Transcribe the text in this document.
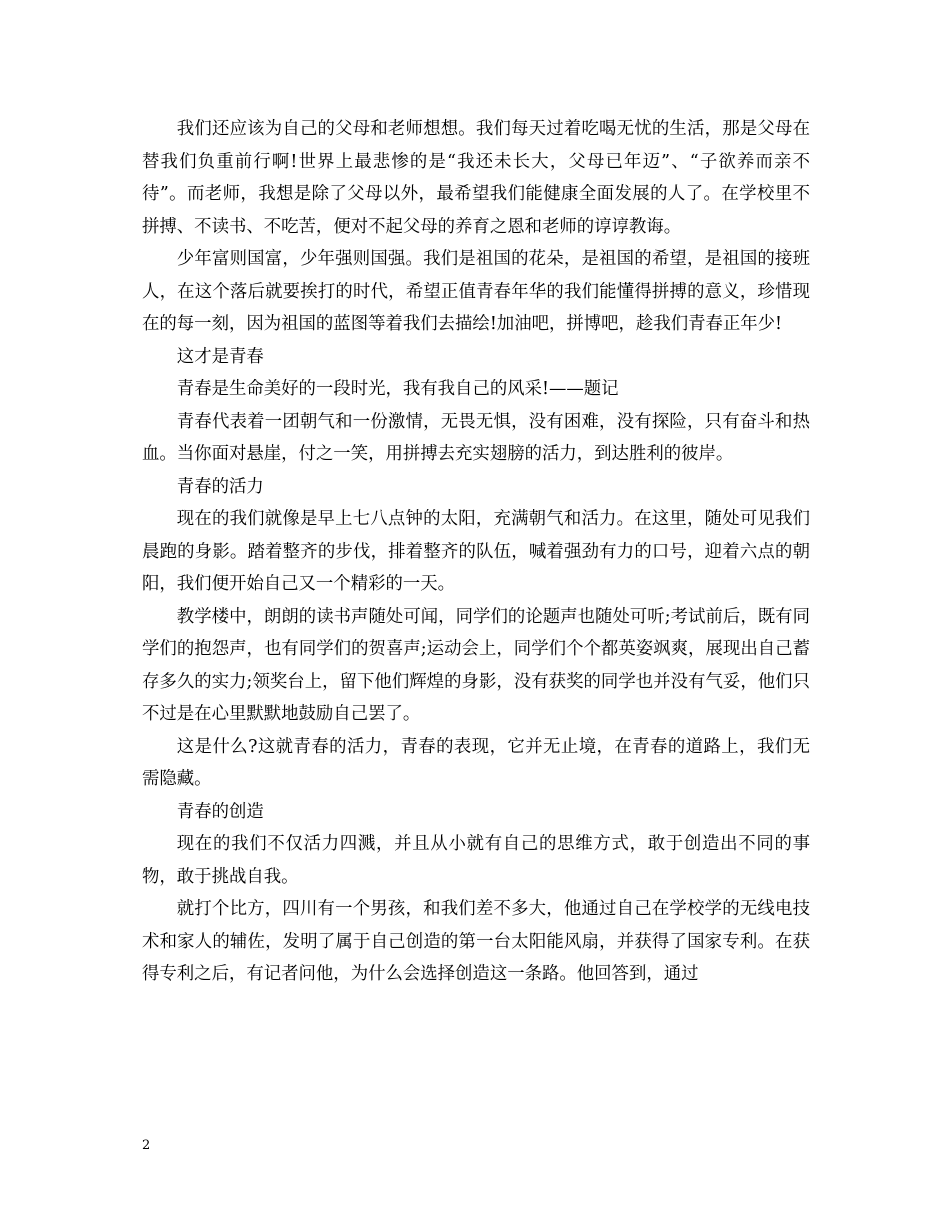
我们还应该为自己的父母和老师想想。我们每天过着吃喝无忧的生活，那是父母在替我们负重前行啊!世界上最悲惨的是“我还未长大，父母已年迈”、“子欲养而亲不待”。而老师，我想是除了父母以外，最希望我们能健康全面发展的人了。在学校里不拼搏、不读书、不吃苦，便对不起父母的养育之恩和老师的谆谆教诲。

少年富则国富，少年强则国强。我们是祖国的花朵，是祖国的希望，是祖国的接班人，在这个落后就要挨打的时代，希望正值青春年华的我们能懂得拼搏的意义，珍惜现在的每一刻，因为祖国的蓝图等着我们去描绘!加油吧，拼博吧，趁我们青春正年少!

这才是青春

青春是生命美好的一段时光，我有我自己的风采!——题记

青春代表着一团朝气和一份激情，无畏无惧，没有困难，没有探险，只有奋斗和热血。当你面对悬崖，付之一笑，用拼搏去充实翅膀的活力，到达胜利的彼岸。

青春的活力

现在的我们就像是早上七八点钟的太阳，充满朝气和活力。在这里，随处可见我们晨跑的身影。踏着整齐的步伐，排着整齐的队伍，喊着强劲有力的口号，迎着六点的朝阳，我们便开始自己又一个精彩的一天。

教学楼中，朗朗的读书声随处可闻，同学们的论题声也随处可听;考试前后，既有同学们的抱怨声，也有同学们的贺喜声;运动会上，同学们个个都英姿飒爽，展现出自己蓄存多久的实力;领奖台上，留下他们辉煌的身影，没有获奖的同学也并没有气妥，他们只不过是在心里默默地鼓励自己罢了。

这是什么?这就青春的活力，青春的表现，它并无止境，在青春的道路上，我们无需隐藏。

青春的创造

现在的我们不仅活力四溅，并且从小就有自己的思维方式，敢于创造出不同的事物，敢于挑战自我。

就打个比方，四川有一个男孩，和我们差不多大，他通过自己在学校学的无线电技术和家人的辅佐，发明了属于自己创造的第一台太阳能风扇，并获得了国家专利。在获得专利之后，有记者问他，为什么会选择创造这一条路。他回答到，通过

2
